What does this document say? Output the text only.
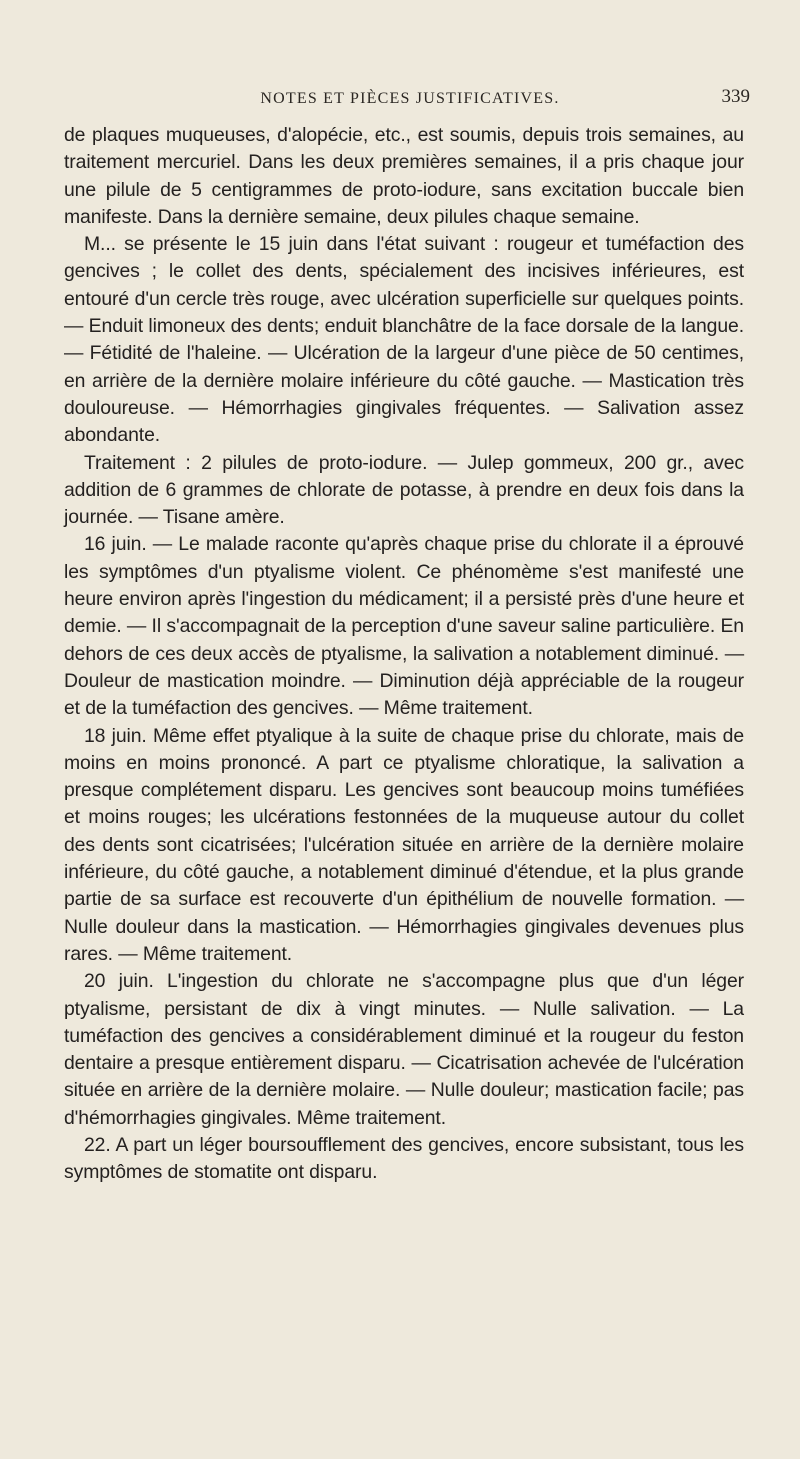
NOTES ET PIÈCES JUSTIFICATIVES.	339

de plaques muqueuses, d'alopécie, etc., est soumis, depuis trois semaines, au traitement mercuriel. Dans les deux premières semaines, il a pris chaque jour une pilule de 5 centigrammes de proto-iodure, sans excitation buccale bien manifeste. Dans la dernière semaine, deux pilules chaque semaine.

M... se présente le 15 juin dans l'état suivant : rougeur et tuméfaction des gencives ; le collet des dents, spécialement des incisives inférieures, est entouré d'un cercle très rouge, avec ulcération superficielle sur quelques points. — Enduit limoneux des dents; enduit blanchâtre de la face dorsale de la langue. — Fétidité de l'haleine. — Ulcération de la largeur d'une pièce de 50 centimes, en arrière de la dernière molaire inférieure du côté gauche. — Mastication très douloureuse. — Hémorrhagies gingivales fréquentes. — Salivation assez abondante.

Traitement : 2 pilules de proto-iodure. — Julep gommeux, 200 gr., avec addition de 6 grammes de chlorate de potasse, à prendre en deux fois dans la journée. — Tisane amère.

16 juin. — Le malade raconte qu'après chaque prise du chlorate il a éprouvé les symptômes d'un ptyalisme violent. Ce phénomème s'est manifesté une heure environ après l'ingestion du médicament; il a persisté près d'une heure et demie. — Il s'accompagnait de la perception d'une saveur saline particulière. En dehors de ces deux accès de ptyalisme, la salivation a notablement diminué. — Douleur de mastication moindre. — Diminution déjà appréciable de la rougeur et de la tuméfaction des gencives. — Même traitement.

18 juin. Même effet ptyalique à la suite de chaque prise du chlorate, mais de moins en moins prononcé. A part ce ptyalisme chloratique, la salivation a presque complétement disparu. Les gencives sont beaucoup moins tuméfiées et moins rouges; les ulcérations festonnées de la muqueuse autour du collet des dents sont cicatrisées; l'ulcération située en arrière de la dernière molaire inférieure, du côté gauche, a notablement diminué d'étendue, et la plus grande partie de sa surface est recouverte d'un épithélium de nouvelle formation. — Nulle douleur dans la mastication. — Hémorrhagies gingivales devenues plus rares. — Même traitement.

20 juin. L'ingestion du chlorate ne s'accompagne plus que d'un léger ptyalisme, persistant de dix à vingt minutes. — Nulle salivation. — La tuméfaction des gencives a considérablement diminué et la rougeur du feston dentaire a presque entièrement disparu. — Cicatrisation achevée de l'ulcération située en arrière de la dernière molaire. — Nulle douleur; mastication facile; pas d'hémorrhagies gingivales. Même traitement.

22. A part un léger boursoufflement des gencives, encore subsistant, tous les symptômes de stomatite ont disparu.
